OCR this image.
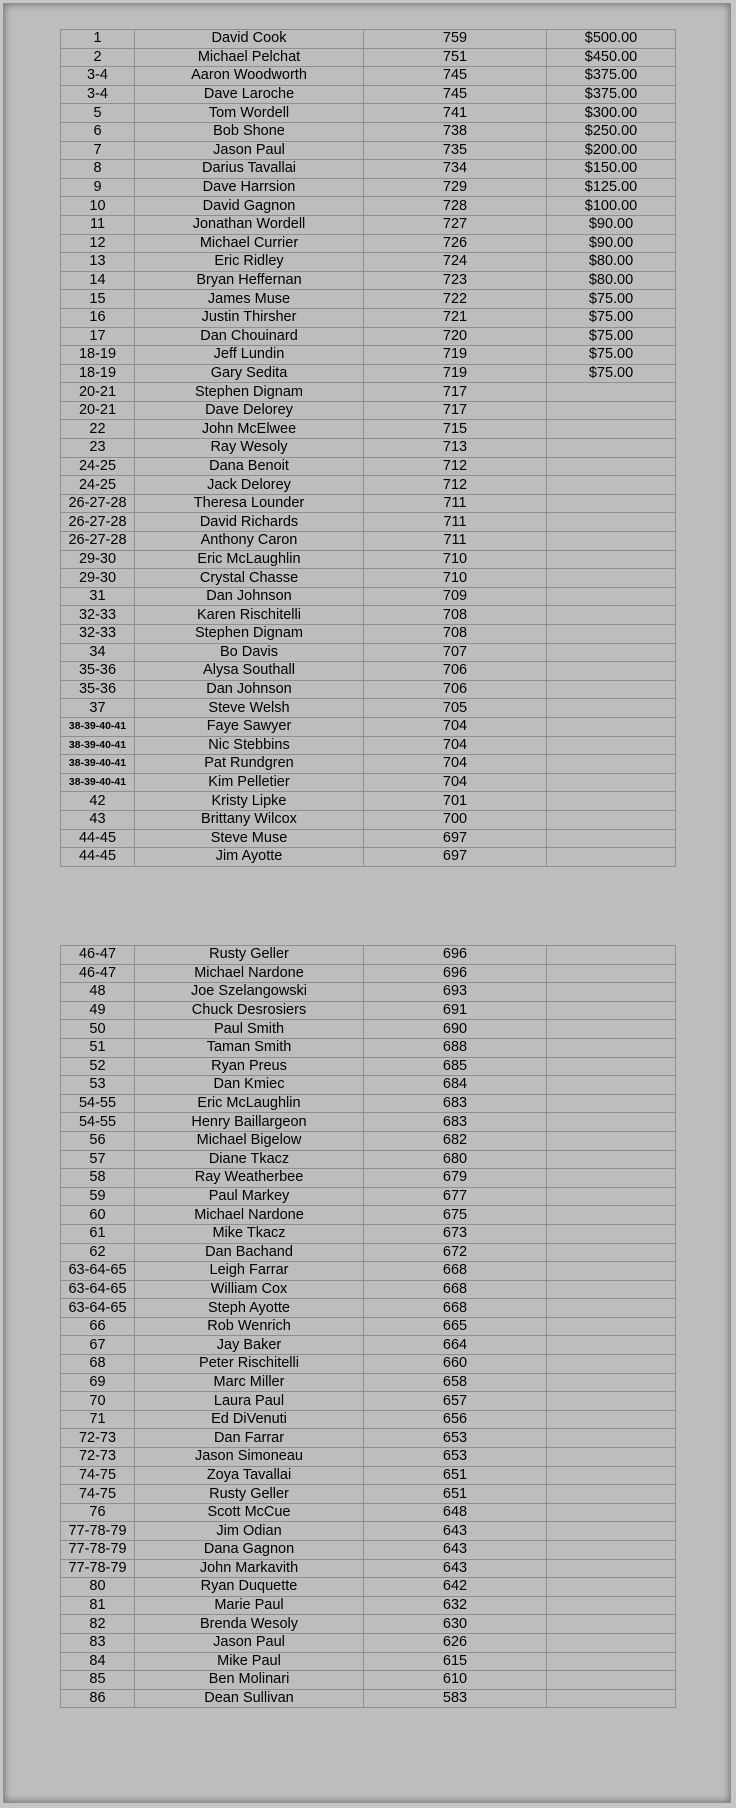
1	David Cook	759	$500.00
2	Michael Pelchat	751	$450.00
3-4	Aaron Woodworth	745	$375.00
3-4	Dave Laroche	745	$375.00
5	Tom Wordell	741	$300.00
6	Bob Shone	738	$250.00
7	Jason Paul	735	$200.00
8	Darius Tavallai	734	$150.00
9	Dave Harrsion	729	$125.00
10	David Gagnon	728	$100.00
11	Jonathan Wordell	727	$90.00
12	Michael Currier	726	$90.00
13	Eric Ridley	724	$80.00
14	Bryan Heffernan	723	$80.00
15	James Muse	722	$75.00
16	Justin Thirsher	721	$75.00
17	Dan Chouinard	720	$75.00
18-19	Jeff Lundin	719	$75.00
18-19	Gary Sedita	719	$75.00
20-21	Stephen Dignam	717	
20-21	Dave Delorey	717	
22	John McElwee	715	
23	Ray Wesoly	713	
24-25	Dana Benoit	712	
24-25	Jack Delorey	712	
26-27-28	Theresa Lounder	711	
26-27-28	David Richards	711	
26-27-28	Anthony Caron	711	
29-30	Eric McLaughlin	710	
29-30	Crystal Chasse	710	
31	Dan Johnson	709	
32-33	Karen Rischitelli	708	
32-33	Stephen Dignam	708	
34	Bo Davis	707	
35-36	Alysa Southall	706	
35-36	Dan Johnson	706	
37	Steve Welsh	705	
38-39-40-41	Faye Sawyer	704	
38-39-40-41	Nic Stebbins	704	
38-39-40-41	Pat Rundgren	704	
38-39-40-41	Kim Pelletier	704	
42	Kristy Lipke	701	
43	Brittany Wilcox	700	
44-45	Steve Muse	697	
44-45	Jim Ayotte	697	
46-47	Rusty Geller	696	
46-47	Michael Nardone	696	
48	Joe Szelangowski	693	
49	Chuck Desrosiers	691	
50	Paul Smith	690	
51	Taman Smith	688	
52	Ryan Preus	685	
53	Dan Kmiec	684	
54-55	Eric McLaughlin	683	
54-55	Henry Baillargeon	683	
56	Michael Bigelow	682	
57	Diane Tkacz	680	
58	Ray Weatherbee	679	
59	Paul Markey	677	
60	Michael Nardone	675	
61	Mike Tkacz	673	
62	Dan Bachand	672	
63-64-65	Leigh Farrar	668	
63-64-65	William Cox	668	
63-64-65	Steph Ayotte	668	
66	Rob Wenrich	665	
67	Jay Baker	664	
68	Peter Rischitelli	660	
69	Marc Miller	658	
70	Laura Paul	657	
71	Ed DiVenuti	656	
72-73	Dan Farrar	653	
72-73	Jason Simoneau	653	
74-75	Zoya Tavallai	651	
74-75	Rusty Geller	651	
76	Scott McCue	648	
77-78-79	Jim Odian	643	
77-78-79	Dana Gagnon	643	
77-78-79	John Markavith	643	
80	Ryan Duquette	642	
81	Marie Paul	632	
82	Brenda Wesoly	630	
83	Jason Paul	626	
84	Mike Paul	615	
85	Ben Molinari	610	
86	Dean Sullivan	583	
